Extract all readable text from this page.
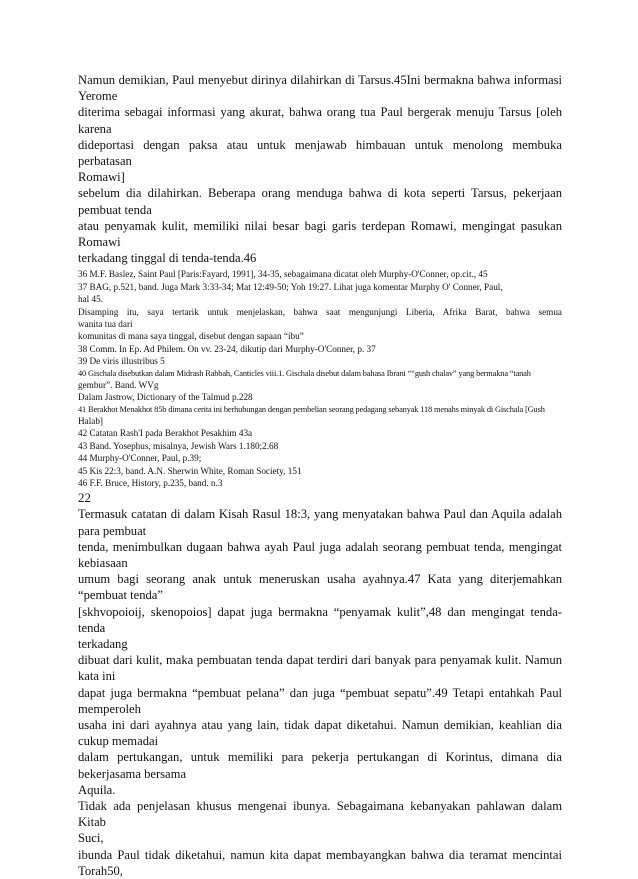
Namun demikian, Paul menyebut dirinya dilahirkan di Tarsus.45Ini bermakna bahwa informasi
Yerome
diterima sebagai informasi yang akurat, bahwa orang tua Paul bergerak menuju Tarsus [oleh
karena
dideportasi dengan paksa atau untuk menjawab himbauan untuk menolong membuka perbatasan
Romawi]
sebelum dia dilahirkan. Beberapa orang menduga bahwa di kota seperti Tarsus, pekerjaan
pembuat tenda
atau penyamak kulit, memiliki nilai besar bagi garis terdepan Romawi, mengingat pasukan
Romawi
terkadang tinggal di tenda-tenda.46
36 M.F. Baslez, Saint Paul [Paris:Fayard, 1991], 34-35, sebagaimana dicatat oleh Murphy-O'Conner, op.cit., 45
37 BAG, p.521, band. Juga Mark 3:33-34; Mat 12:49-50; Yoh 19:27. Lihat juga komentar Murphy O' Conner, Paul,
hal 45.
Disamping itu, saya tertarik untuk menjelaskan, bahwa saat mengunjungi Liberia, Afrika Barat, bahwa semua
wanita tua dari
komunitas di mana saya tinggal, disebut dengan sapaan “ibu”
38 Comm. In Ep. Ad Philem. On vv. 23-24, dikutip dari Murphy-O'Conner, p. 37
39 De viris illustribus 5
40 Gischala disebutkan dalam Midrash Rabbah, Canticles viii.1. Gischala disebut dalam bahasa Ibrani ““gush chalav” yang bermakna “tanah
gembur”. Band. WVg
Dalam Jastrow, Dictionary of the Talmud p.228
41 Berakhot Menakhot 85b dimana cerita ini berhubungan dengan pembelian seorang pedagang sebanyak 118 menahs minyak di Gischala [Gush
Halab]
42 Catatan Rash'I pada Berakhot Pesakhim 43a
43 Band. Yosephus, misalnya, Jewish Wars 1.180;2.68
44 Murphy-O'Conner, Paul, p.39;
45 Kis 22:3, band. A.N. Sherwin White, Roman Society, 151
46 F.F. Bruce, History, p.235, band. n.3
22
Termasuk catatan di dalam Kisah Rasul 18:3, yang menyatakan bahwa Paul dan Aquila adalah
para pembuat
tenda, menimbulkan dugaan bahwa ayah Paul juga adalah seorang pembuat tenda, mengingat
kebiasaan
umum bagi seorang anak untuk meneruskan usaha ayahnya.47 Kata yang diterjemahkan
“pembuat tenda”
[skhvopoioij, skenopoios] dapat juga bermakna “penyamak kulit”,48 dan mengingat tenda-tenda
terkadang
dibuat dari kulit, maka pembuatan tenda dapat terdiri dari banyak para penyamak kulit. Namun
kata ini
dapat juga bermakna “pembuat pelana” dan juga “pembuat sepatu”.49 Tetapi entahkah Paul
memperoleh
usaha ini dari ayahnya atau yang lain, tidak dapat diketahui. Namun demikian, keahlian dia
cukup memadai
dalam pertukangan, untuk memiliki para pekerja pertukangan di Korintus, dimana dia
bekerjasama bersama
Aquila.
Tidak ada penjelasan khusus mengenai ibunya. Sebagaimana kebanyakan pahlawan dalam Kitab
Suci,
ibunda Paul tidak diketahui, namun kita dapat membayangkan bahwa dia teramat mencintai
Torah50,
